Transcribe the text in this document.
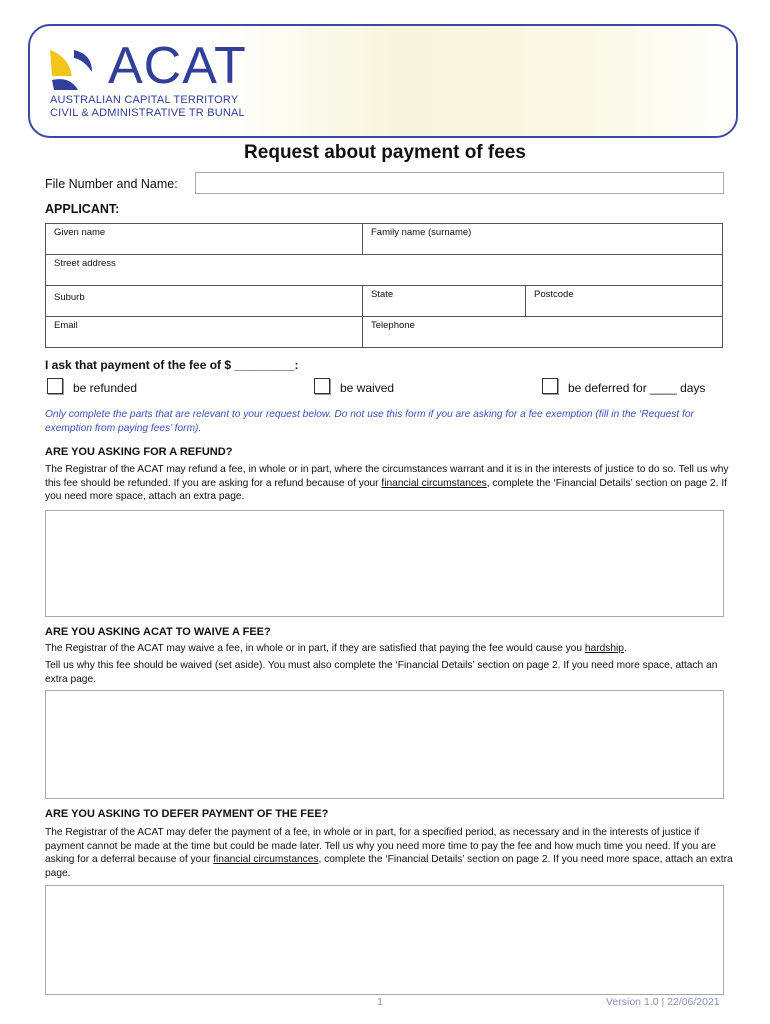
ACAT
AUSTRALIAN CAPITAL TERRITORY
CIVIL & ADMINISTRATIVE TR BUNAL
Request about payment of fees
File Number and Name:
APPLICANT:
Given name	Family name (surname)	
Street address		
Suburb	State	Postcode
Email	Telephone	
I ask that payment of the fee of $ _________:
be refunded	be waived	be deferred for ____ days
Only complete the parts that are relevant to your request below. Do not use this form if you are asking for a fee exemption (fill in the ‘Request for exemption from paying fees’ form).
ARE YOU ASKING FOR A REFUND?
The Registrar of the ACAT may refund a fee, in whole or in part, where the circumstances warrant and it is in the interests of justice to do so. Tell us why this fee should be refunded. If you are asking for a refund because of your financial circumstances, complete the ‘Financial Details’ section on page 2. If you need more space, attach an extra page.
ARE YOU ASKING ACAT TO WAIVE A FEE?
The Registrar of the ACAT may waive a fee, in whole or in part, if they are satisfied that paying the fee would cause you hardship.
Tell us why this fee should be waived (set aside). You must also complete the ‘Financial Details’ section on page 2. If you need more space, attach an extra page.
ARE YOU ASKING TO DEFER PAYMENT OF THE FEE?
The Registrar of the ACAT may defer the payment of a fee, in whole or in part, for a specified period, as necessary and in the interests of justice if payment cannot be made at the time but could be made later. Tell us why you need more time to pay the fee and how much time you need. If you are asking for a deferral because of your financial circumstances, complete the ‘Financial Details’ section on page 2. If you need more space, attach an extra page.
1	Version 1.0 | 22/06/2021
